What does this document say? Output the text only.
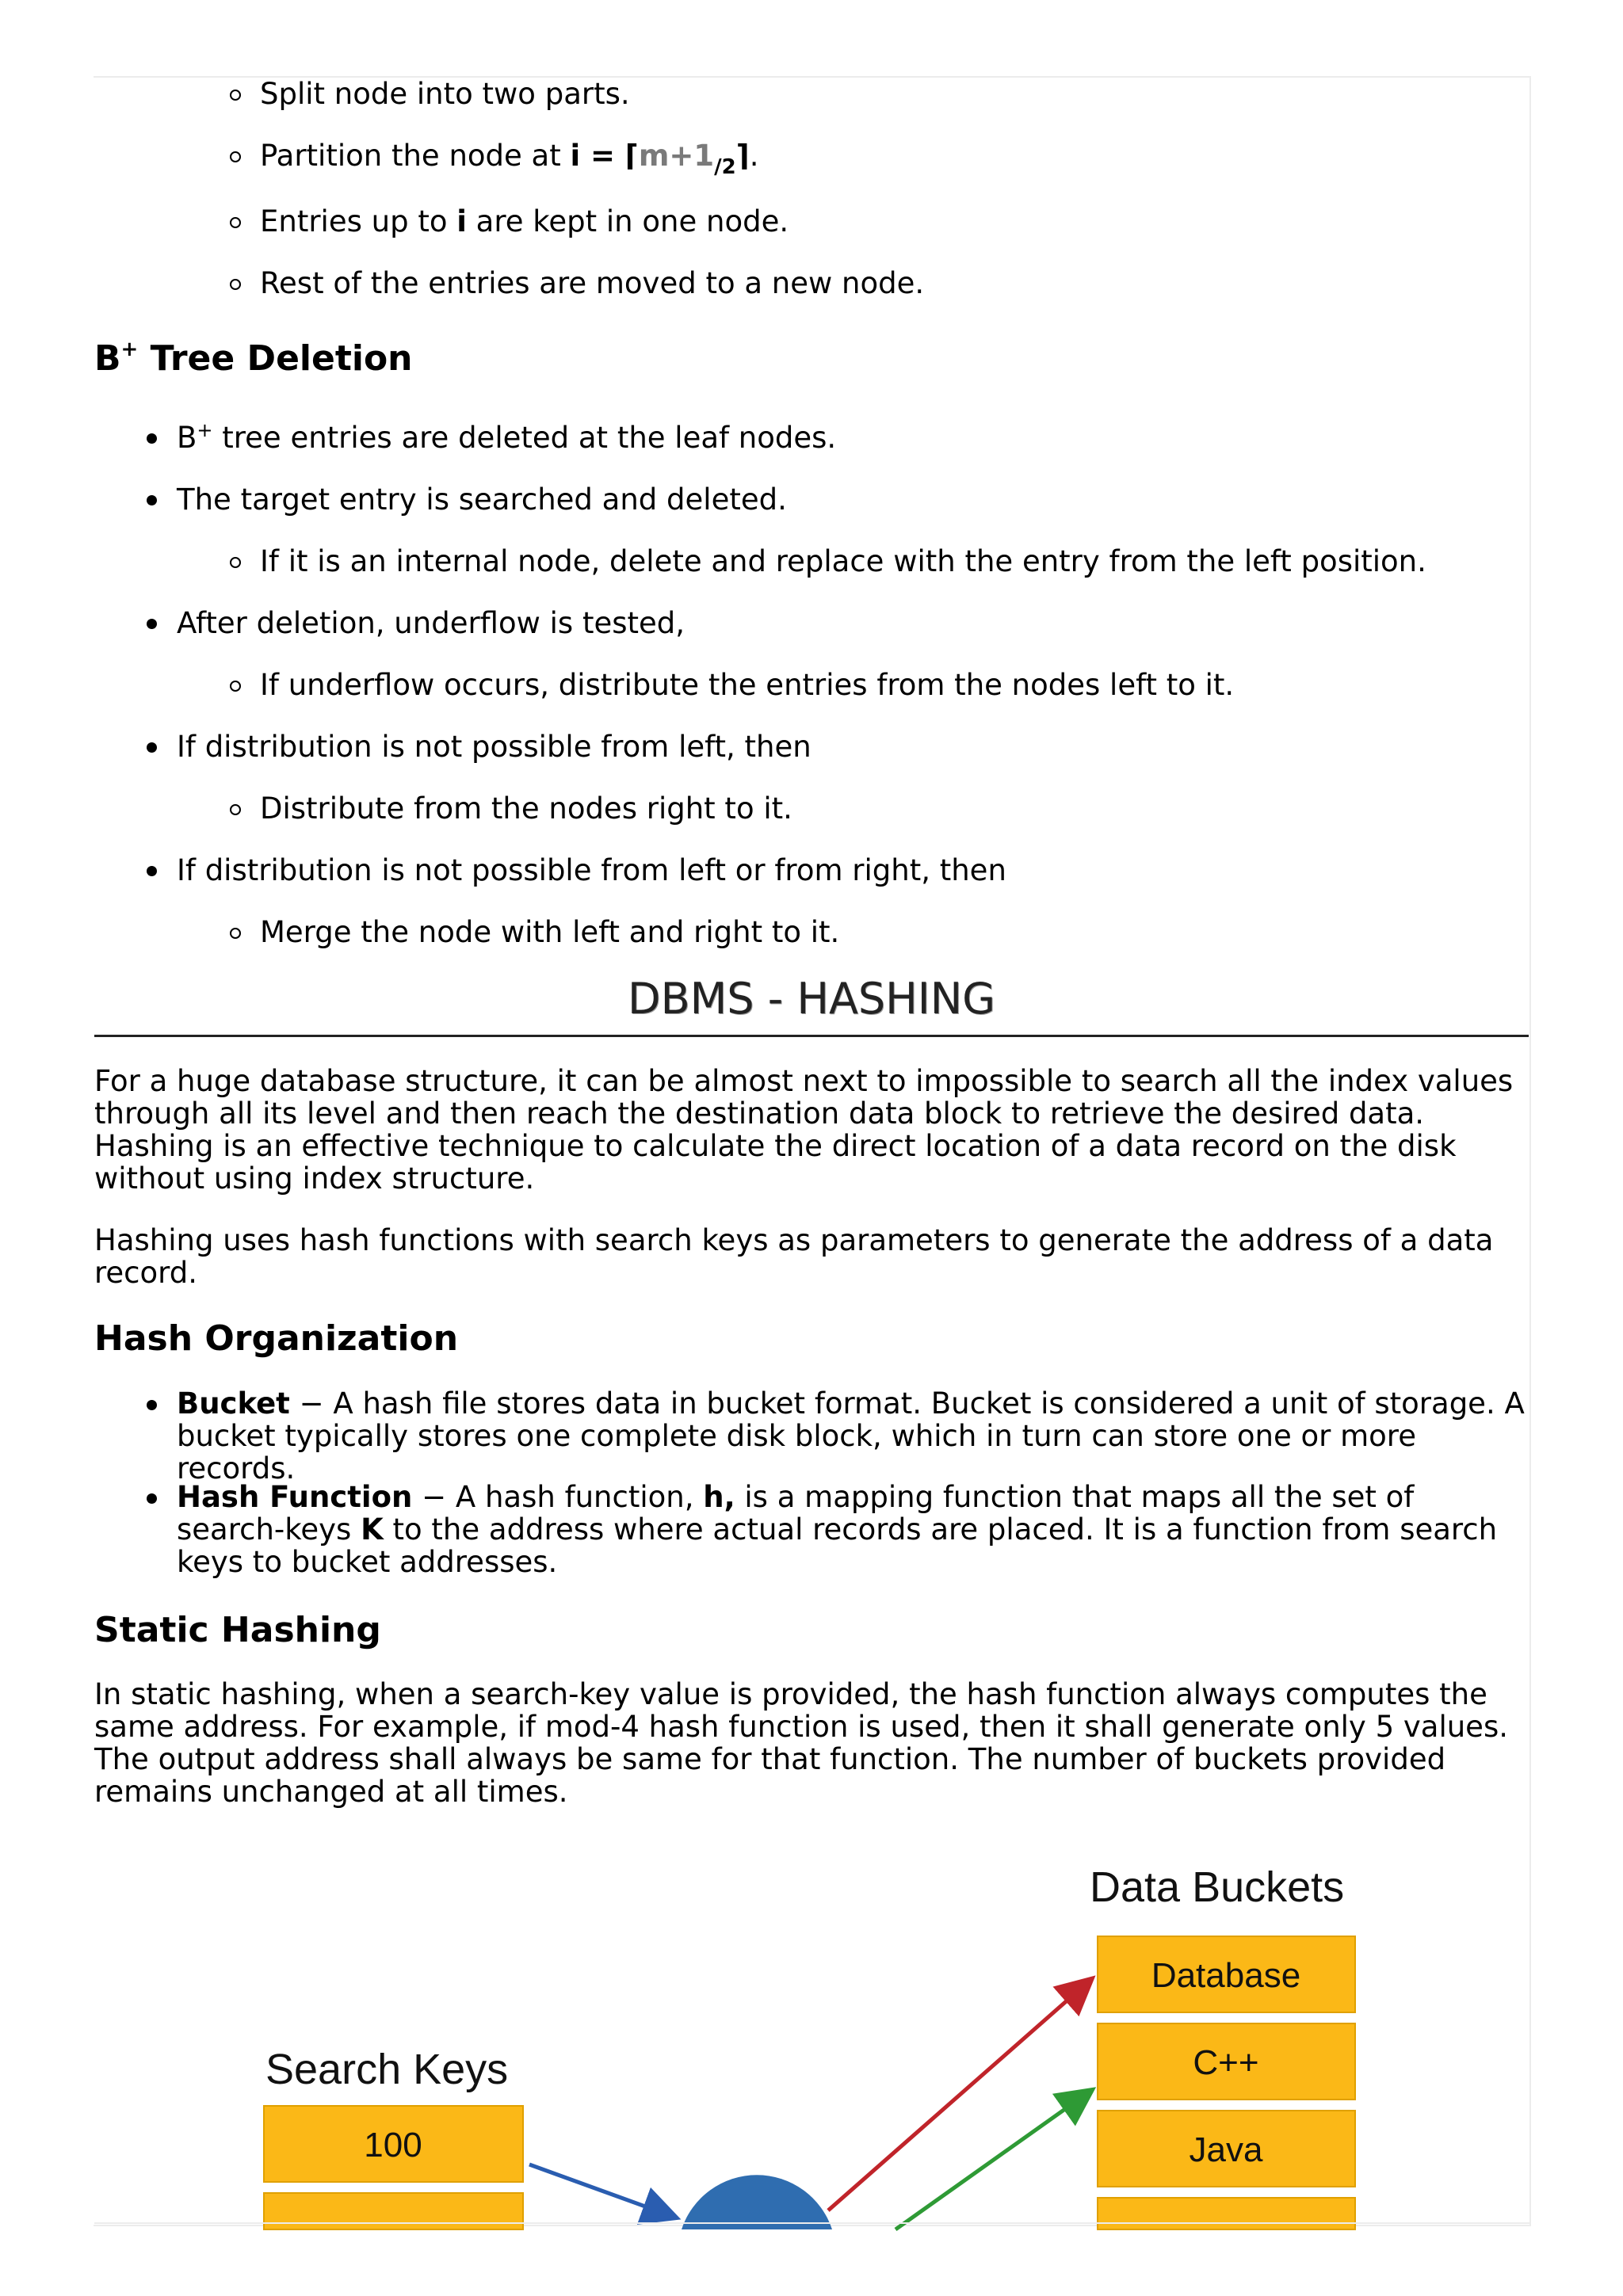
Split node into two parts.
Partition the node at $i = ⌈m+1_{/2}⌉$.
Entries up to i are kept in one node.
Rest of the entries are moved to a new node.
B+ Tree Deletion
B+ tree entries are deleted at the leaf nodes.
The target entry is searched and deleted.
If it is an internal node, delete and replace with the entry from the left position.
After deletion, underflow is tested,
If underflow occurs, distribute the entries from the nodes left to it.
If distribution is not possible from left, then
Distribute from the nodes right to it.
If distribution is not possible from left or from right, then
Merge the node with left and right to it.
DBMS - HASHING
For a huge database structure, it can be almost next to impossible to search all the index values through all its level and then reach the destination data block to retrieve the desired data. Hashing is an effective technique to calculate the direct location of a data record on the disk without using index structure.
Hashing uses hash functions with search keys as parameters to generate the address of a data record.
Hash Organization
Bucket − A hash file stores data in bucket format. Bucket is considered a unit of storage. A bucket typically stores one complete disk block, which in turn can store one or more records.
Hash Function − A hash function, h, is a mapping function that maps all the set of search-keys K to the address where actual records are placed. It is a function from search keys to bucket addresses.
Static Hashing
In static hashing, when a search-key value is provided, the hash function always computes the same address. For example, if mod-4 hash function is used, then it shall generate only 5 values. The output address shall always be same for that function. The number of buckets provided remains unchanged at all times.
Data Buckets
Search Keys
Database
C++
Java
100
